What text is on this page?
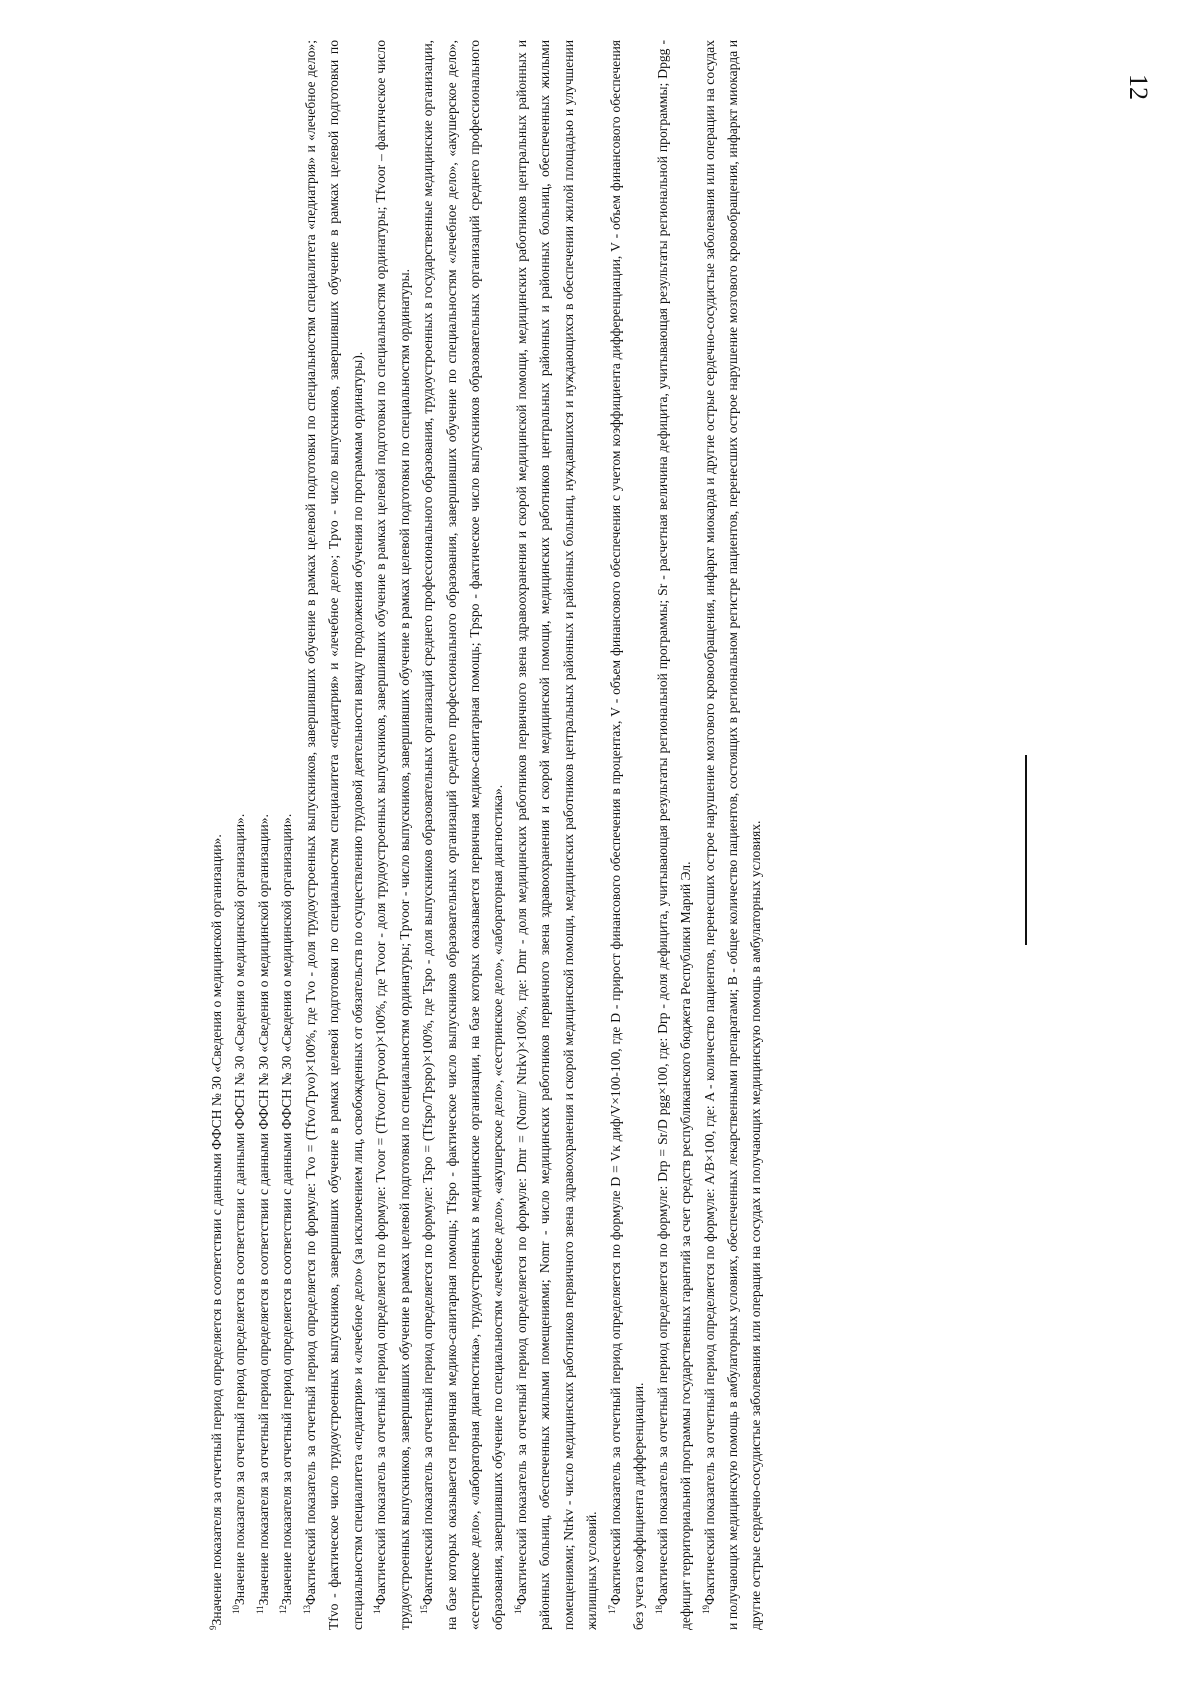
12

$^9$Значение показателя за отчетный период определяется в соответствии с данными ФФСН № 30 «Сведения о медицинской организации». $^{10}$Значение показателя за отчетный период определяется в соответствии с данными ФФСН № 30 «Сведения о медицинской организации».

$^{11}$Значение показателя за отчетный период определяется в соответствии с данными ФФСН № 30 «Сведения о медицинской организации».

$^{12}$Значение показателя за отчетный период определяется в соответствии с данными ФФСН № 30 «Сведения о медицинской организации».

$^{13}$Фактический показатель за отчетный период определяется по формуле: Tvo = (Tfvo/Tpvo)×100%, где Tvo - доля трудоустроенных выпускников, завершивших обучение в рамках целевой подготовки по специальностям специалитета «педиатрия» и «лечебное дело»; Tfvo - фактическое число трудоустроенных выпускников, завершивших обучение в рамках целевой подготовки по специальностям специалитета «педиатрия» и «лечебное дело»; Tpvo - число выпускников, завершивших обучение в рамках целевой подготовки по специальностям специалитета «педиатрия» и «лечебное дело» (за исключением лиц, освобожденных от обязательств по осуществлению трудовой деятельности ввиду продолжения обучения по программам ординатуры). $^{14}$Фактический показатель за отчетный период определяется по формуле: Tvoor = (Tfvoor/Tpvoor)×100%, где Tvoor - доля трудоустроенных выпускников, завершивших обучение в рамках целевой подготовки по специальностям ординатуры; Tfvoor – фактическое число трудоустроенных выпускников, завершивших обучение в рамках целевой подготовки по специальностям ординатуры; Tpvoor - число выпускников, завершивших обучение в рамках целевой подготовки по специальностям ординатуры. $^{15}$Фактический показатель за отчетный период определяется по формуле: Tspo = (Tfspo/Tpspo)×100%, где Tspo - доля выпускников образовательных организаций среднего профессионального образования, трудоустроенных в государственные медицинские организации, на базе которых оказывается первичная медико-санитарная помощь; Tfspo - фактическое число выпускников образовательных организаций среднего профессионального образования, завершивших обучение по специальностям «лечебное дело», «акушерское дело», «сестринское дело», «лабораторная диагностика», трудоустроенных в медицинские организации, на базе которых оказывается первичная медико-санитарная помощь; Tpspo - фактическое число выпускников образовательных организаций среднего профессионального образования, завершивших обучение по специальностям «лечебное дело», «акушерское дело», «сестринское дело», «лабораторная диагностика». $^{16}$Фактический показатель за отчетный период определяется по формуле: Dmr = (Nomr/ Ntrkv)×100%, где: Dmr - доля медицинских работников первичного звена здравоохранения и скорой медицинской помощи, медицинских работников центральных районных и районных больниц, обеспеченных жилыми помещениями; Nomr - число медицинских работников первичного звена здравоохранения и скорой медицинской помощи, медицинских работников центральных районных и районных больниц, обеспеченных жилыми помещениями; Ntrkv - число медицинских работников первичного звена здравоохранения и скорой медицинской помощи, медицинских работников центральных районных и районных больниц, нуждавшихся и нуждающихся в обеспечении жилой площадью и улучшении жилищных условий. $^{17}$Фактический показатель за отчетный период определяется по формуле D = Vк диф/V×100-100, где D - прирост финансового обеспечения в процентах, V - объем финансового обеспечения с учетом коэффициента дифференциации, V - объем финансового обеспечения без учета коэффициента дифференциации. $^{18}$Фактический показатель за отчетный период определяется по формуле: Drp = Sr/D рgg×100, где: Drp - доля дефицита, учитывающая результаты региональной программы; Sr - расчетная величина дефицита, учитывающая результаты региональной программы; Dpgg - дефицит территориальной программы государственных гарантий за счет средств республиканского бюджета Республики Марий Эл. $^{19}$Фактический показатель за отчетный период определяется по формуле: A/B×100, где: A - количество пациентов, перенесших острое нарушение мозгового кровообращения, инфаркт миокарда и другие острые сердечно-сосудистые заболевания или операции на сосудах и получающих медицинскую помощь в амбулаторных условиях, обеспеченных лекарственными препаратами; B - общее количество пациентов, состоящих в региональном регистре пациентов, перенесших острое нарушение мозгового кровообращения, инфаркт миокарда и другие острые сердечно-сосудистые заболевания или операции на сосудах и получающих медицинскую помощь в амбулаторных условиях.
